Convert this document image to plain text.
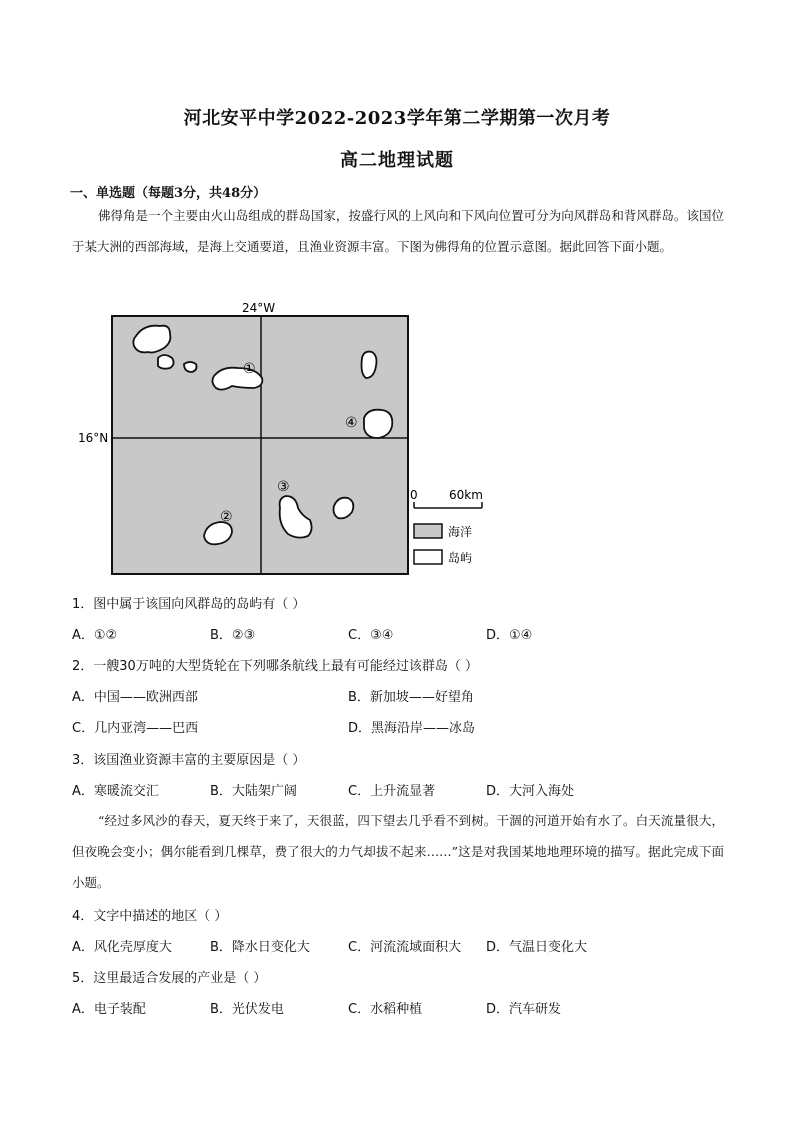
河北安平中学2022-2023学年第二学期第一次月考
高二地理试题
一、单选题（每题3分，共48分）
佛得角是一个主要由火山岛组成的群岛国家，按盛行风的上风向和下风向位置可分为向风群岛和背风群岛。该国位于某大洲的西部海域，是海上交通要道，且渔业资源丰富。下图为佛得角的位置示意图。据此回答下面小题。
24°W
16°N
①
②
③
④
0	60km
海洋
岛屿
1．图中属于该国向风群岛的岛屿有（ ）
A．①②	B．②③	C．③④	D．①④
2．一艘30万吨的大型货轮在下列哪条航线上最有可能经过该群岛（ ）
A．中国——欧洲西部	B．新加坡——好望角
C．几内亚湾——巴西	D．黑海沿岸——冰岛
3．该国渔业资源丰富的主要原因是（ ）
A．寒暖流交汇	B．大陆架广阔	C．上升流显著	D．大河入海处
“经过多风沙的春天，夏天终于来了，天很蓝，四下望去几乎看不到树。干涸的河道开始有水了。白天流量很大，但夜晚会变小；偶尔能看到几棵草，费了很大的力气却拔不起来……”这是对我国某地地理环境的描写。据此完成下面小题。
4．文字中描述的地区（ ）
A．风化壳厚度大	B．降水日变化大	C．河流流域面积大 D．气温日变化大
5．这里最适合发展的产业是（ ）
A．电子装配	B．光伏发电	C．水稻种植	D．汽车研发
